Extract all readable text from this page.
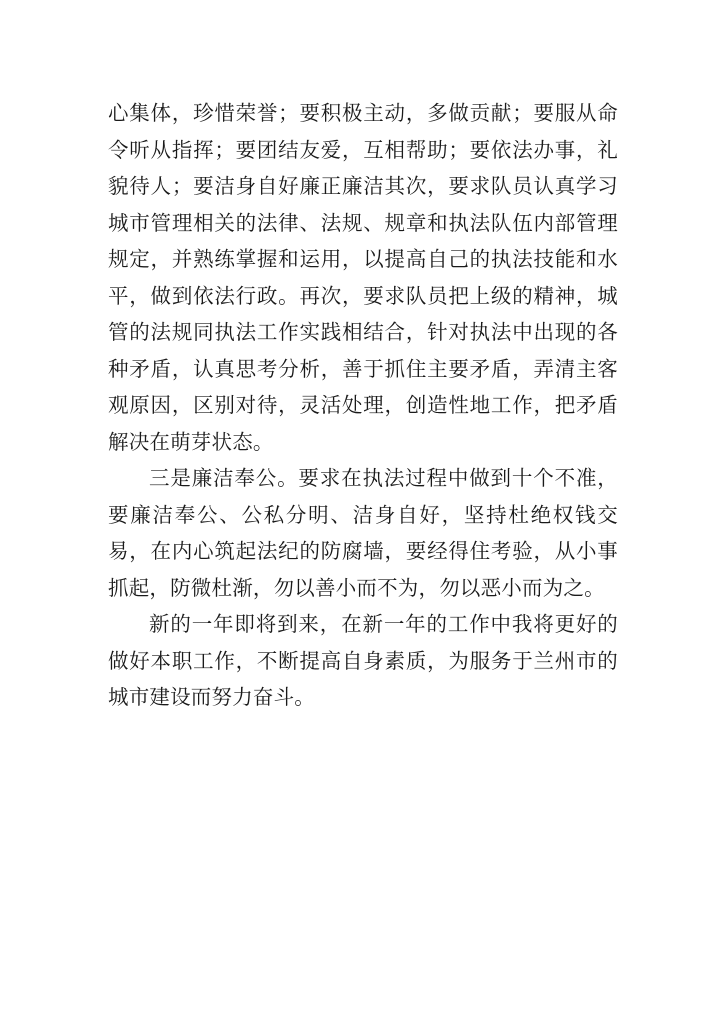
心集体，珍惜荣誉；要积极主动，多做贡献；要服从命令听从指挥；要团结友爱，互相帮助；要依法办事，礼貌待人；要洁身自好廉正廉洁其次，要求队员认真学习城市管理相关的法律、法规、规章和执法队伍内部管理规定，并熟练掌握和运用，以提高自己的执法技能和水平，做到依法行政。再次，要求队员把上级的精神，城管的法规同执法工作实践相结合，针对执法中出现的各种矛盾，认真思考分析，善于抓住主要矛盾，弄清主客观原因，区别对待，灵活处理，创造性地工作，把矛盾解决在萌芽状态。

三是廉洁奉公。要求在执法过程中做到十个不准，要廉洁奉公、公私分明、洁身自好，坚持杜绝权钱交易，在内心筑起法纪的防腐墙，要经得住考验，从小事抓起，防微杜渐，勿以善小而不为，勿以恶小而为之。

新的一年即将到来，在新一年的工作中我将更好的做好本职工作，不断提高自身素质，为服务于兰州市的城市建设而努力奋斗。
